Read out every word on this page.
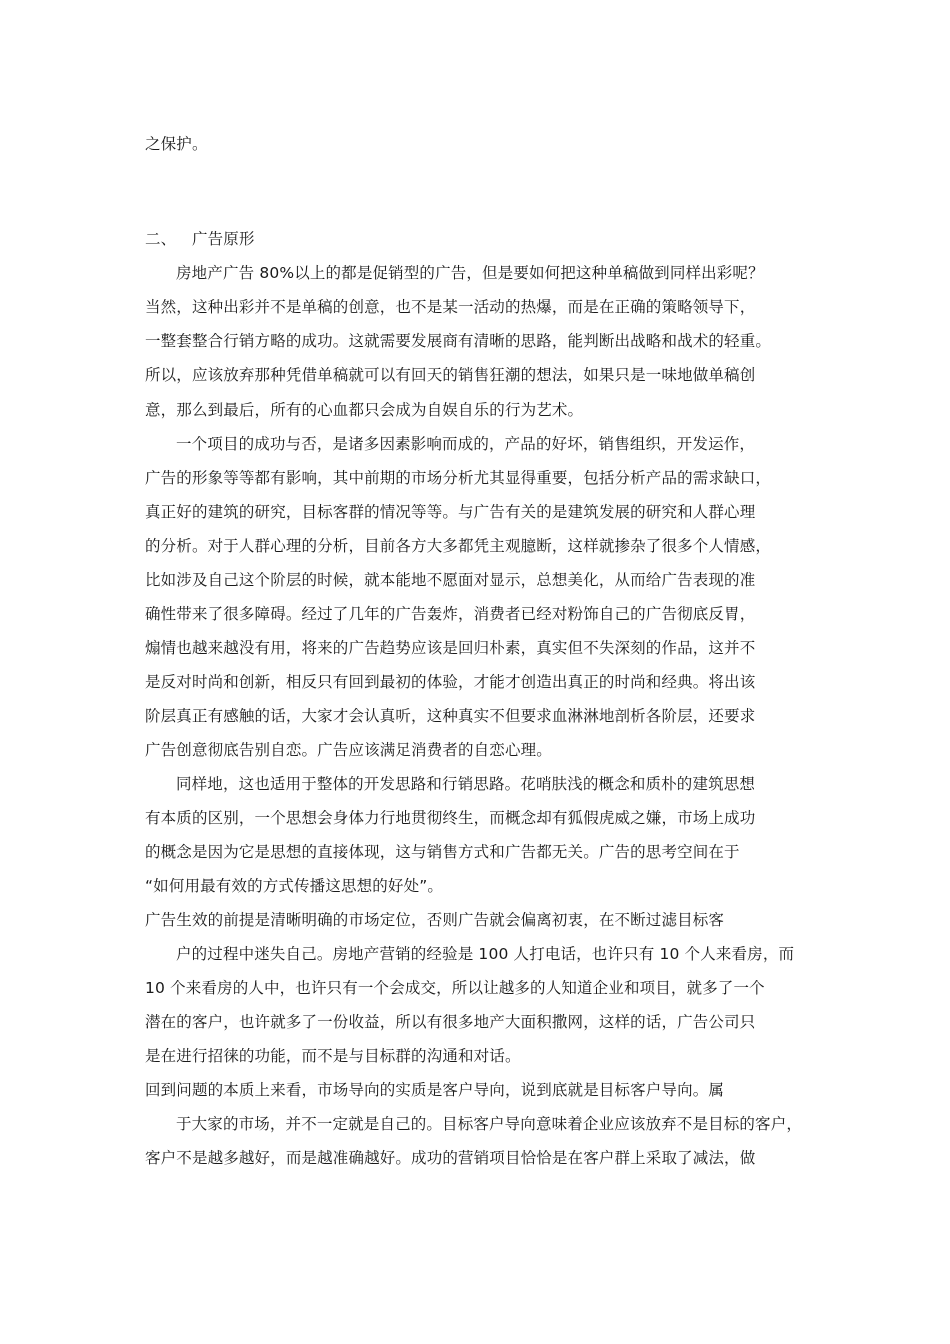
之保护。
二、 广告原形
房地产广告 80%以上的都是促销型的广告，但是要如何把这种单稿做到同样出彩呢？
当然，这种出彩并不是单稿的创意，也不是某一活动的热爆，而是在正确的策略领导下，
一整套整合行销方略的成功。这就需要发展商有清晰的思路，能判断出战略和战术的轻重。
所以，应该放弃那种凭借单稿就可以有回天的销售狂潮的想法，如果只是一味地做单稿创
意，那么到最后，所有的心血都只会成为自娱自乐的行为艺术。
一个项目的成功与否，是诸多因素影响而成的，产品的好坏，销售组织，开发运作，
广告的形象等等都有影响，其中前期的市场分析尤其显得重要，包括分析产品的需求缺口，
真正好的建筑的研究，目标客群的情况等等。与广告有关的是建筑发展的研究和人群心理
的分析。对于人群心理的分析，目前各方大多都凭主观臆断，这样就掺杂了很多个人情感，
比如涉及自己这个阶层的时候，就本能地不愿面对显示，总想美化，从而给广告表现的准
确性带来了很多障碍。经过了几年的广告轰炸，消费者已经对粉饰自己的广告彻底反胃，
煽情也越来越没有用，将来的广告趋势应该是回归朴素，真实但不失深刻的作品，这并不
是反对时尚和创新，相反只有回到最初的体验，才能才创造出真正的时尚和经典。将出该
阶层真正有感触的话，大家才会认真听，这种真实不但要求血淋淋地剖析各阶层，还要求
广告创意彻底告别自恋。广告应该满足消费者的自恋心理。
同样地，这也适用于整体的开发思路和行销思路。花哨肤浅的概念和质朴的建筑思想
有本质的区别，一个思想会身体力行地贯彻终生，而概念却有狐假虎威之嫌，市场上成功
的概念是因为它是思想的直接体现，这与销售方式和广告都无关。广告的思考空间在于
“如何用最有效的方式传播这思想的好处”。
广告生效的前提是清晰明确的市场定位，否则广告就会偏离初衷，在不断过滤目标客
户的过程中迷失自己。房地产营销的经验是 100 人打电话，也许只有 10 个人来看房，而
10 个来看房的人中，也许只有一个会成交，所以让越多的人知道企业和项目，就多了一个
潜在的客户，也许就多了一份收益，所以有很多地产大面积撒网，这样的话，广告公司只
是在进行招徕的功能，而不是与目标群的沟通和对话。
回到问题的本质上来看，市场导向的实质是客户导向，说到底就是目标客户导向。属
于大家的市场，并不一定就是自己的。目标客户导向意味着企业应该放弃不是目标的客户，
客户不是越多越好，而是越准确越好。成功的营销项目恰恰是在客户群上采取了减法，做
